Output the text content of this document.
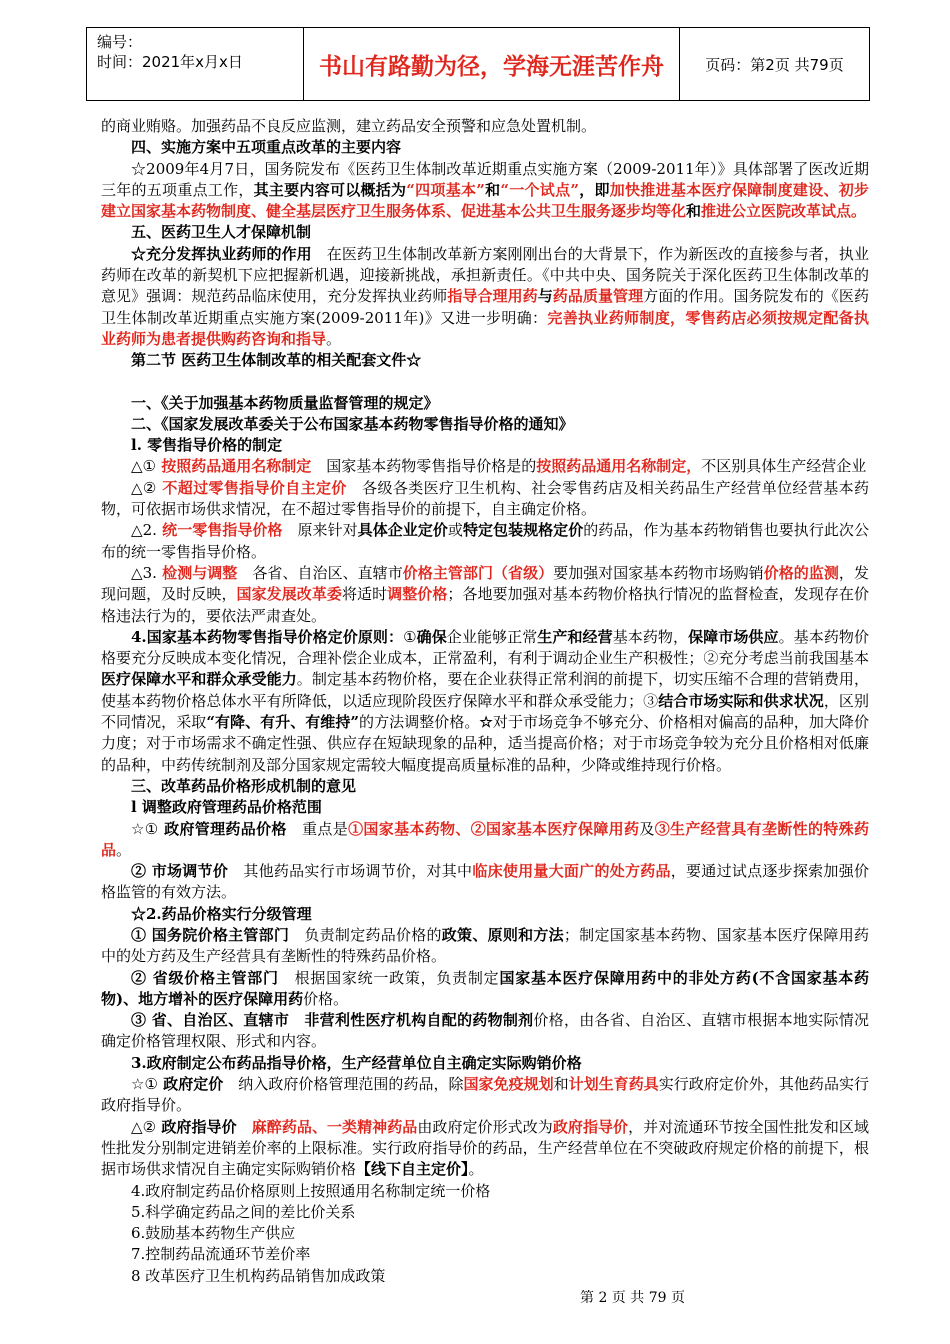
编号：
时间：2021年x月x日	书山有路勤为径，学海无涯苦作舟	页码：第2页 共79页

的商业贿赂。加强药品不良反应监测，建立药品安全预警和应急处置机制。

四、实施方案中五项重点改革的主要内容

☆2009年4月7日，国务院发布《医药卫生体制改革近期重点实施方案（2009-2011年）》具体部署了医改近期三年的五项重点工作，其主要内容可以概括为“四项基本”和“一个试点”，即加快推进基本医疗保障制度建设、初步建立国家基本药物制度、健全基层医疗卫生服务体系、促进基本公共卫生服务逐步均等化和推进公立医院改革试点。

五、医药卫生人才保障机制

☆充分发挥执业药师的作用　在医药卫生体制改革新方案刚刚出台的大背景下，作为新医改的直接参与者，执业药师在改革的新契机下应把握新机遇，迎接新挑战，承担新责任。《中共中央、国务院关于深化医药卫生体制改革的意见》强调：规范药品临床使用，充分发挥执业药师指导合理用药与药品质量管理方面的作用。国务院发布的《医药卫生体制改革近期重点实施方案(2009-2011年)》又进一步明确：完善执业药师制度，零售药店必须按规定配备执业药师为患者提供购药咨询和指导。

第二节 医药卫生体制改革的相关配套文件☆

一、《关于加强基本药物质量监督管理的规定》

二、《国家发展改革委关于公布国家基本药物零售指导价格的通知》

l. 零售指导价格的制定

△① 按照药品通用名称制定　国家基本药物零售指导价格是的按照药品通用名称制定，不区别具体生产经营企业

△② 不超过零售指导价自主定价　各级各类医疗卫生机构、社会零售药店及相关药品生产经营单位经营基本药物，可依据市场供求情况，在不超过零售指导价的前提下，自主确定价格。

△2. 统一零售指导价格　原来针对具体企业定价或特定包装规格定价的药品，作为基本药物销售也要执行此次公布的统一零售指导价格。

△3. 检测与调整　各省、自治区、直辖市价格主管部门（省级）要加强对国家基本药物市场购销价格的监测，发现问题，及时反映，国家发展改革委将适时调整价格；各地要加强对基本药物价格执行情况的监督检查，发现存在价格违法行为的，要依法严肃查处。

4.国家基本药物零售指导价格定价原则：①确保企业能够正常生产和经营基本药物，保障市场供应。基本药物价格要充分反映成本变化情况，合理补偿企业成本，正常盈利，有利于调动企业生产积极性；②充分考虑当前我国基本医疗保障水平和群众承受能力。制定基本药物价格，要在企业获得正常利润的前提下，切实压缩不合理的营销费用，使基本药物价格总体水平有所降低，以适应现阶段医疗保障水平和群众承受能力；③结合市场实际和供求状况，区别不同情况，采取“有降、有升、有维持”的方法调整价格。☆对于市场竞争不够充分、价格相对偏高的品种，加大降价力度；对于市场需求不确定性强、供应存在短缺现象的品种，适当提高价格；对于市场竞争较为充分且价格相对低廉的品种，中药传统制剂及部分国家规定需较大幅度提高质量标准的品种，少降或维持现行价格。

三、改革药品价格形成机制的意见

l 调整政府管理药品价格范围

☆① 政府管理药品价格　重点是①国家基本药物、②国家基本医疗保障用药及③生产经营具有垄断性的特殊药品。

② 市场调节价　其他药品实行市场调节价，对其中临床使用量大面广的处方药品，要通过试点逐步探索加强价格监管的有效方法。

☆2.药品价格实行分级管理

① 国务院价格主管部门　负责制定药品价格的政策、原则和方法；制定国家基本药物、国家基本医疗保障用药中的处方药及生产经营具有垄断性的特殊药品价格。

② 省级价格主管部门　根据国家统一政策，负责制定国家基本医疗保障用药中的非处方药(不含国家基本药物)、地方增补的医疗保障用药价格。

③ 省、自治区、直辖市　非营利性医疗机构自配的药物制剂价格，由各省、自治区、直辖市根据本地实际情况确定价格管理权限、形式和内容。

3.政府制定公布药品指导价格，生产经营单位自主确定实际购销价格

☆① 政府定价　纳入政府价格管理范围的药品，除国家免疫规划和计划生育药具实行政府定价外，其他药品实行政府指导价。

△② 政府指导价　 麻醉药品、一类精神药品由政府定价形式改为政府指导价，并对流通环节按全国性批发和区域性批发分别制定进销差价率的上限标准。实行政府指导价的药品，生产经营单位在不突破政府规定价格的前提下，根据市场供求情况自主确定实际购销价格【线下自主定价】。

4.政府制定药品价格原则上按照通用名称制定统一价格

5.科学确定药品之间的差比价关系

6.鼓励基本药物生产供应

7.控制药品流通环节差价率

8 改革医疗卫生机构药品销售加成政策

第 2 页 共 79 页
